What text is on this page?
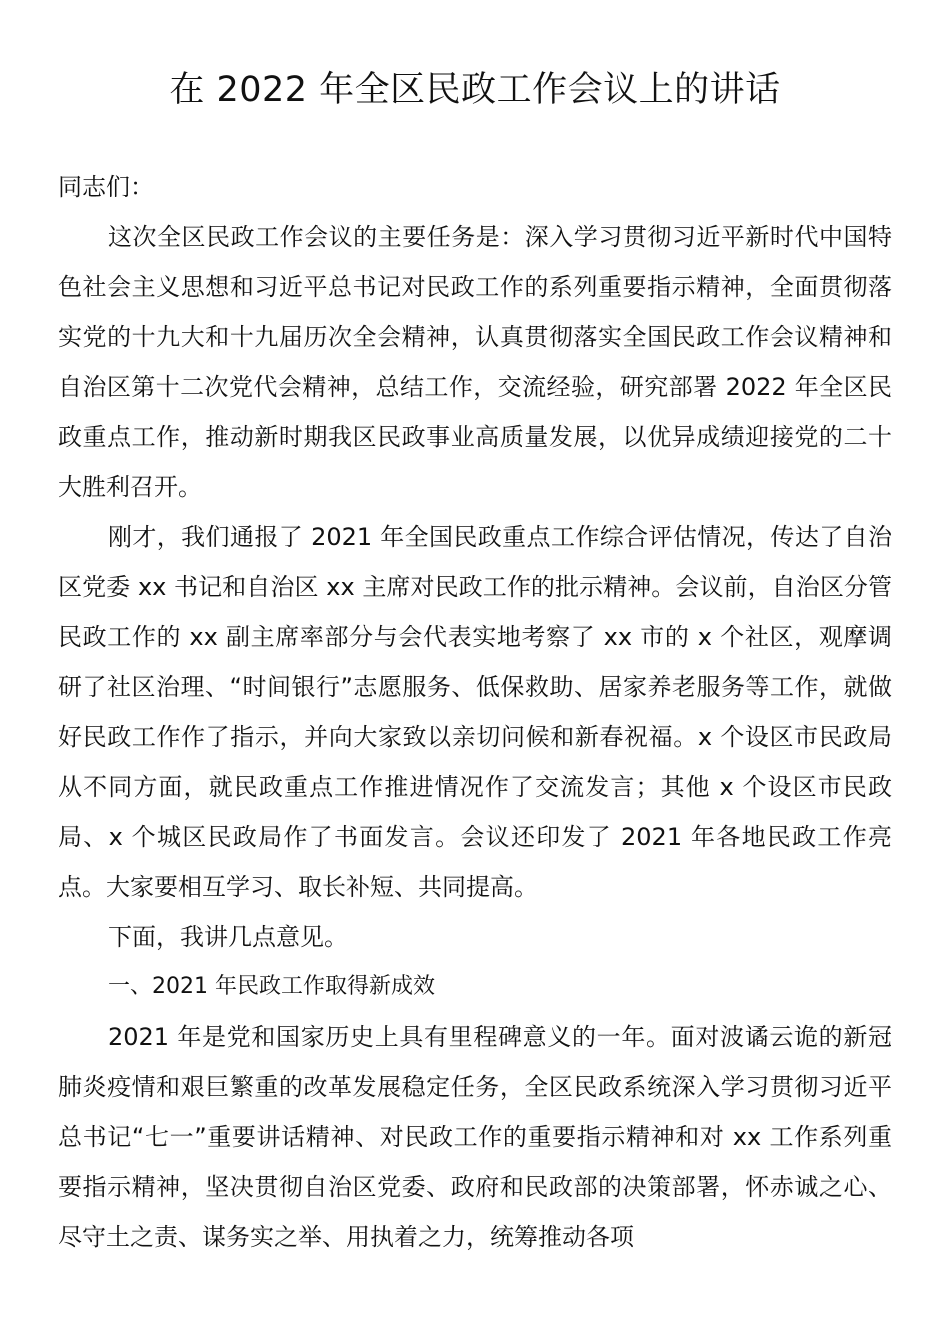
在 2022 年全区民政工作会议上的讲话

同志们：

这次全区民政工作会议的主要任务是：深入学习贯彻习近平新时代中国特色社会主义思想和习近平总书记对民政工作的系列重要指示精神，全面贯彻落实党的十九大和十九届历次全会精神，认真贯彻落实全国民政工作会议精神和自治区第十二次党代会精神，总结工作，交流经验，研究部署 2022 年全区民政重点工作，推动新时期我区民政事业高质量发展，以优异成绩迎接党的二十大胜利召开。

刚才，我们通报了 2021 年全国民政重点工作综合评估情况，传达了自治区党委 xx 书记和自治区 xx 主席对民政工作的批示精神。会议前，自治区分管民政工作的 xx 副主席率部分与会代表实地考察了 xx 市的 x 个社区，观摩调研了社区治理、“时间银行”志愿服务、低保救助、居家养老服务等工作，就做好民政工作作了指示，并向大家致以亲切问候和新春祝福。x 个设区市民政局从不同方面，就民政重点工作推进情况作了交流发言；其他 x 个设区市民政局、x 个城区民政局作了书面发言。会议还印发了 2021 年各地民政工作亮点。大家要相互学习、取长补短、共同提高。

下面，我讲几点意见。

一、2021 年民政工作取得新成效

2021 年是党和国家历史上具有里程碑意义的一年。面对波谲云诡的新冠肺炎疫情和艰巨繁重的改革发展稳定任务，全区民政系统深入学习贯彻习近平总书记“七一”重要讲话精神、对民政工作的重要指示精神和对 xx 工作系列重要指示精神，坚决贯彻自治区党委、政府和民政部的决策部署，怀赤诚之心、尽守土之责、谋务实之举、用执着之力，统筹推动各项
